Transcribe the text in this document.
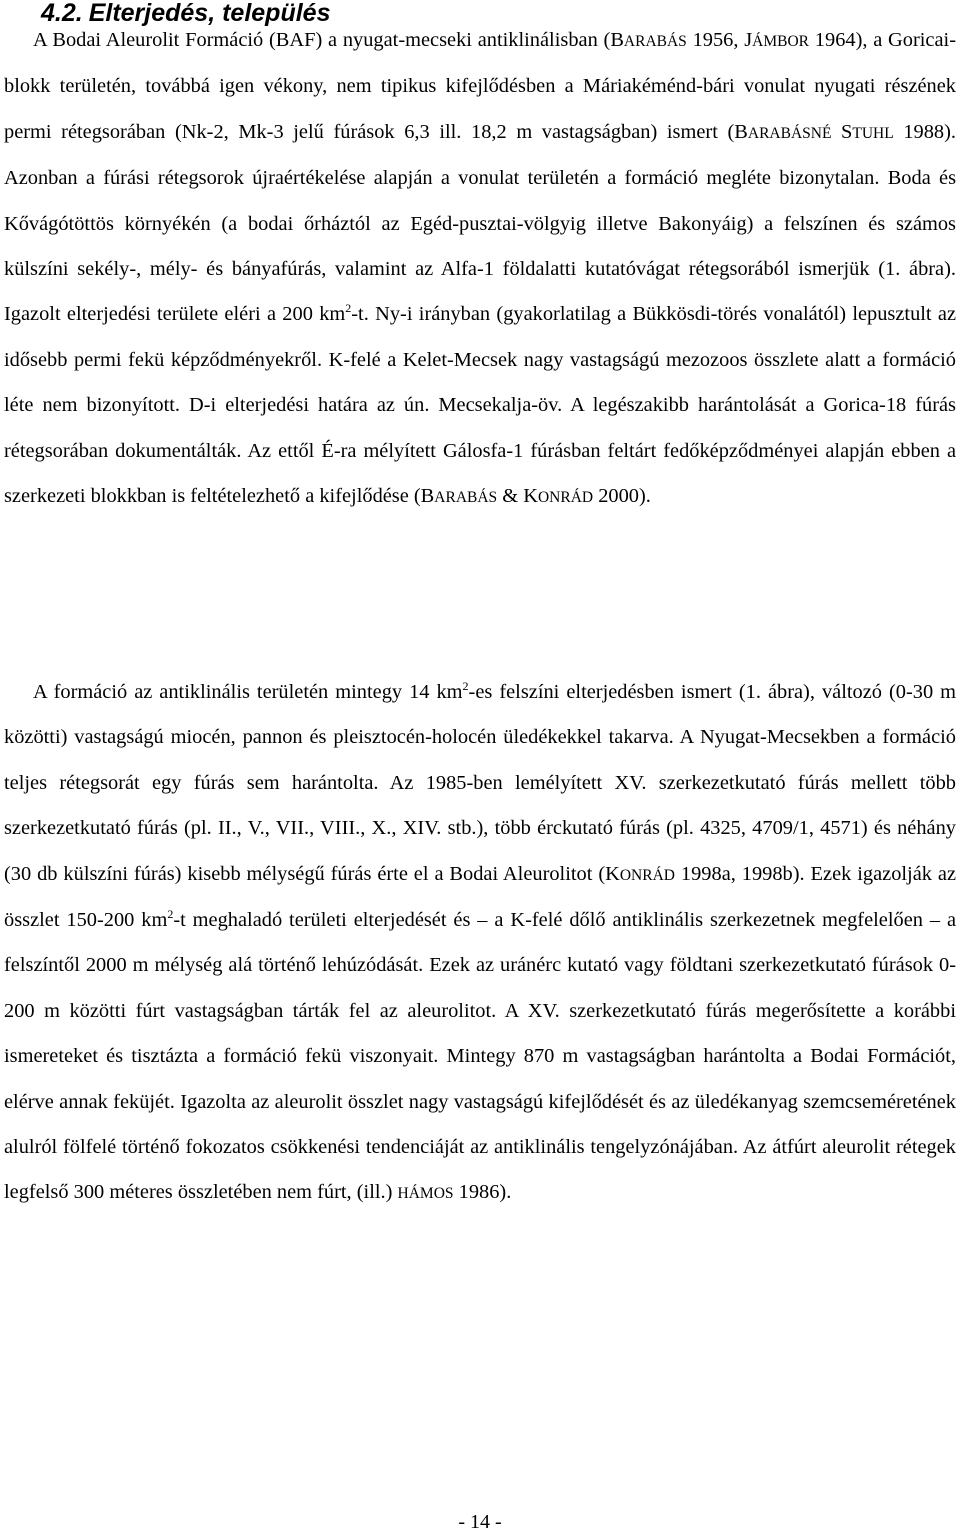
4.2. Elterjedés, település

A Bodai Aleurolit Formáció (BAF) a nyugat-mecseki antiklinálisban (BARABÁS 1956, JÁMBOR 1964), a Goricai-blokk területén, továbbá igen vékony, nem tipikus kifejlődésben a Máriakéménd-bári vonulat nyugati részének permi rétegsorában (Nk-2, Mk-3 jelű fúrások 6,3 ill. 18,2 m vastagságban) ismert (BARABÁSNÉ STUHL 1988). Azonban a fúrási rétegsorok újraértékelése alapján a vonulat területén a formáció megléte bizonytalan. Boda és Kővágótöttös környékén (a bodai őrháztól az Egéd-pusztai-völgyig illetve Bakonyáig) a felszínen és számos külszíni sekély-, mély- és bányafúrás, valamint az Alfa-1 földalatti kutatóvágat rétegsorából ismerjük (1. ábra). Igazolt elterjedési területe eléri a 200 $km^2-t$. Ny-i irányban (gyakorlatilag a Bükkösdi-törés vonalától) lepusztult az idősebb permi fekü képződményekről. K-felé a Kelet-Mecsek nagy vastagságú mezozoos összlete alatt a formáció léte nem bizonyított. D-i elterjedési határa az ún. Mecsekalja-öv. A legészakibb harántolását a Gorica-18 fúrás rétegsorában dokumentálták. Az ettől É-ra mélyített Gálosfa-1 fúrásban feltárt fedőképződményei alapján ebben a szerkezeti blokkban is feltételezhető a kifejlődése (BARABÁS & KONRÁD 2000).

A formáció az antiklinális területén mintegy 14 $km^2-es$ felszíni elterjedésben ismert (1. ábra), változó (0-30 m közötti) vastagságú miocén, pannon és pleisztocén-holocén üledékekkel takarva. A Nyugat-Mecsekben a formáció teljes rétegsorát egy fúrás sem harántolta. Az 1985-ben lemélyített XV. szerkezetkutató fúrás mellett több szerkezetkutató fúrás (pl. II., V., VII., VIII., X., XIV. stb.), több érckutató fúrás (pl. 4325, 4709/1, 4571) és néhány (30 db külszíni fúrás) kisebb mélységű fúrás érte el a Bodai Aleurolitot (KONRÁD 1998a, 1998b). Ezek igazolják az összlet 150-200 $km^2-t$ meghaladó területi elterjedését és – a K-felé dőlő antiklinális szerkezetnek megfelelően – a felszíntől 2000 m mélység alá történő lehúzódását. Ezek az uránérc kutató vagy földtani szerkezetkutató fúrások 0-200 m közötti fúrt vastagságban tárták fel az aleurolitot. A XV. szerkezetkutató fúrás megerősítette a korábbi ismereteket és tisztázta a formáció fekü viszonyait. Mintegy 870 m vastagságban harántolta a Bodai Formációt, elérve annak feküjét. Igazolta az aleurolit összlet nagy vastagságú kifejlődését és az üledékanyag szemcseméretének alulról fölfelé történő fokozatos csökkenési tendenciáját az antiklinális tengelyzónájában. Az átfúrt aleurolit rétegek legfelső 300 méteres összletében nem fúrt, (ill.) HÁMOS 1986).

- 14 -
